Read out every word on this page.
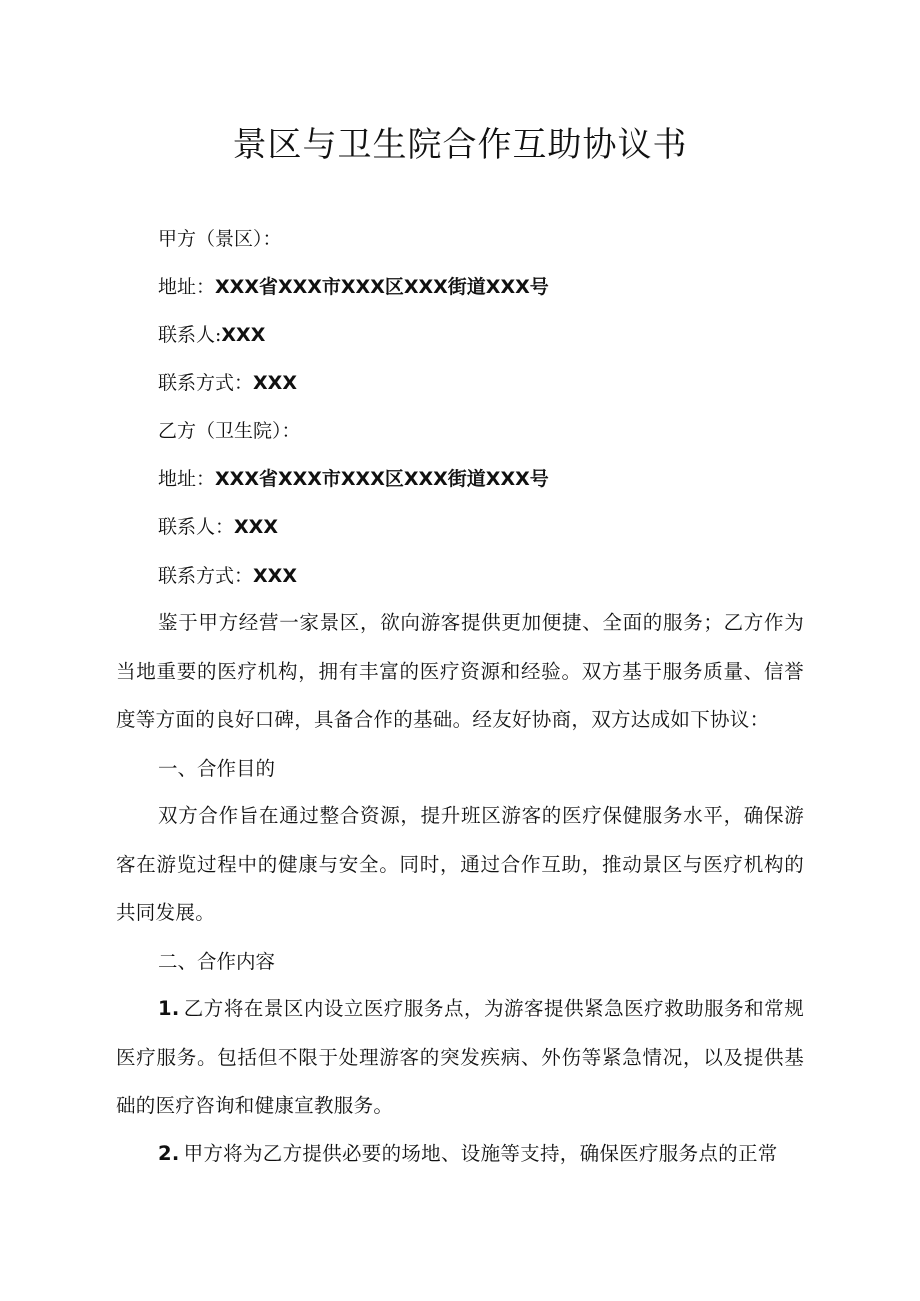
景区与卫生院合作互助协议书
甲方（景区）：
地址：XXX省XXX市XXX区XXX街道XXX号
联系人:XXX
联系方式：XXX
乙方（卫生院）：
地址：XXX省XXX市XXX区XXX街道XXX号
联系人：XXX
联系方式：XXX
鉴于甲方经营一家景区，欲向游客提供更加便捷、全面的服务；乙方作为当地重要的医疗机构，拥有丰富的医疗资源和经验。双方基于服务质量、信誉度等方面的良好口碑，具备合作的基础。经友好协商，双方达成如下协议：
一、合作目的
双方合作旨在通过整合资源，提升班区游客的医疗保健服务水平，确保游客在游览过程中的健康与安全。同时，通过合作互助，推动景区与医疗机构的共同发展。
二、合作内容
1. 乙方将在景区内设立医疗服务点，为游客提供紧急医疗救助服务和常规医疗服务。包括但不限于处理游客的突发疾病、外伤等紧急情况，以及提供基础的医疗咨询和健康宣教服务。
2. 甲方将为乙方提供必要的场地、设施等支持，确保医疗服务点的正常
